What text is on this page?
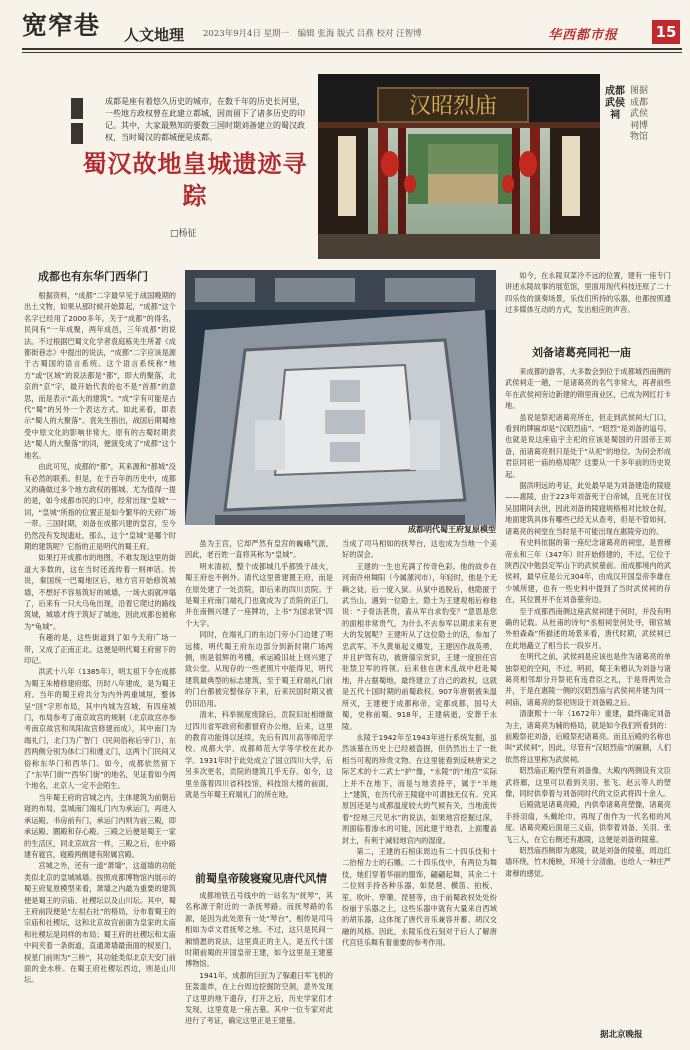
宽窄巷 人文地理 2023年9月4日 星期一　编辑 张海 版式 吕燕 校对 汪智博	华西都市报	15
汉昭烈庙
成都武侯祠
图据成都武侯祠博物馆
成都是座有着悠久历史的城市，在数千年的历史长河里，一些地方政权曾在此建立都城，因而留下了诸多历史的印记。其中，大家最熟知的要数三国时期刘备建立的蜀汉政权，当时蜀汉的都城便是成都。
蜀汉故地皇城遗迹寻踪
□杨征
成都也有东华门西华门

根据资料，“成都”二字最早见于战国晚期的出土文物，如果从那时候开始算起，“成都”这个名字已经用了2000多年。关于“成都”的得名，民间有“一年成聚，两年成邑，三年成都”的说法。不过根据巴蜀文化学者袁庭栋先生所著《成都街巷志》中提出的说法，“成都”二字应该是源于古蜀国的语言系统。这个语言系统称“地方”或“区域”的说法都是“都”，即大的聚落，北京的“京”字，最开始代表的也不是“首都”的意思，而是表示“高大的建筑”。“成”字有可能是古代“蜀”的另外一个表达方式。如此来看，即表示“蜀人的大聚落”。袁先生指出，战国后期蜀地受中原文化的影响非常大，原有的古蜀时期表达“蜀人的大聚落”的词，便演变成了“成都”这个地名。

由此可见，成都的“都”，其来源和“都城”没有必然的联系。但是，在千百年的历史中，成都又的确做过多个地方政权的都城。尤为值得一提的是，如今成都市民的口中，经常出现“皇城”一词，“皇城”所指的位置正是如今繁华的天府广场一带。三国时期，刘备在成都兴建的皇宫，至今仍然没有发现遗址。那么，这个“皇城”是哪个时期的建筑呢？它指的正是明代的蜀王府。

如果打开成都市的地图，不难发现这里的街道大多数的，这在当时还流传着一则神话。传说，秦国统一巴蜀地区后，地方官开始修筑城墙，不想好不容易筑好的城墙，一场大雨就冲塌了，后来有一只大乌龟出现，沿着它爬过的路线筑城，城墙才终于筑好了城池，因此成都也被称为“龟城”。

有趣的是，这些街道到了如今天府广场一带，又成了正南正北。这便是明代蜀王府留下的印记。

洪武十八年（1385年），明太祖下令在成都为蜀王朱椿修建府邸，历时八年建成，是为蜀王府。当年的蜀王府共分为内外两重城垣，整体呈“回”字形布局，其中内城为宫城，有四座城门，布局参考了南京故宫的规制（北京故宫亦参考南京故宫和凤阳故宫修建而成），其中南门为端礼门，北门为广智门（民间俗称后宰门），东西两侧分别为体仁门和遵义门，这两个门民间又俗称东华门和西华门。如今，成都依然留下了“东华门街”“西华门街”的地名，见证着如今两个地名，北京人一定不会陌生。

当年蜀王府的宫城之内，主体建筑为前朝后寝的布局，皇城南门端礼门内为承运门，再进入承运殿、书房前有门，承运门内则为前三殿，即承运殿、圜殿和存心殿。三殿之后便是蜀王一家的生活区，同北京故宫一样，三殿之后，在中路建有寝宫，寝殿两侧建有附属宫殿。

宫城之外，还有一道“萧墙”，这道墙的功能类似北京的皇城城墙。按照成都博物馆内展示的蜀王府复原模型来看，萧墙之内最为重要的建筑便是蜀王的宗庙、社稷坛以及山川坛。其中，蜀王府前段便是“左祖右社”的格局，分布着蜀王的宗庙和社稷坛，这和北京故宫前面为皇家的太庙和社稷坛是同样的布局；蜀王府的社稷坛和太庙中间夹着一条街道，直通萧墙最南面的棂星门，棂星门前则为“三桥”，其功能类似北京天安门前面的金水桥。在蜀王府社稷坛西边，则是山川坛。

成都明代蜀王府复原模型

虽为王宫，它却严然有皇宫的巍峨气派，因此，老百姓一直将其称为“皇城”。

明末清初，整个成都城几乎都毁于战火，蜀王府也不例外。清代这里曾建置王府，而是在原处建了一处贡院，即后来的四川贡院。于是蜀王府南门端礼门也就成为了贡院的正门，并在南侧兴建了一座牌坊，上书“为国求贤”四个大字。

同时，在端礼门的东边门旁小门边建了明远楼，明代蜀王府东边部分到新时期广场两侧，则是很辉的考棚，承运殿旧址上则兴建了致公堂。从现存的一些老照片中能得见，明代建筑最典型的标志建筑，至于蜀王府端礼门前的门台都被完整保存下来，后来民国时期又被仍旧沿用。

清末，科举制度废除后，贡院旧址相继做过四川省军政府和都督府办公地，后来，这里的教育功能得以延续，先后有四川高等师范学校、成都大学、成都师范大学等学校在此办学。1931年时于此处成立了国立四川大学，后另多次更名，贡院的建筑几乎无存。如今，这里坐落着四川省科技馆，科技馆大楼的前面，就是当年蜀王府端礼门的所在地。

前蜀皇帝陵寝窥见唐代风情

成都地铁五号线中的一站名为“抚琴”，其名称源于附近的一条抚琴路。而抚琴路的名源，是因为此处原有一处“琴台”，相传是司马相如为卓文君抚琴之地。不过，这只是民间一厢情愿的说法，这里真正的主人，是五代十国时期前蜀的开国皇帝王建，如今这里是王建墓博物馆。

1941年，成都的巨匠为了躲避日军飞机的狂轰滥炸，在上台周边挖掘防空洞，意外发现了这里的地下遗存，打开之后，历史学家们才发现，这里竟是一座古墓。其中一位专家对此进行了考证，确定这里正是王建墓。

当成了司马相如的抚琴台，这也成为当地一个美好的误会。

王建的一生也充满了传奇色彩。他的故乡在河南许州舞阳（今属漯河市），年轻时，他是个无赖之徒，后一度入狱。从狱中逃脱后，他隐匿于武当山，遇到一位隐士，隐士为王建观相后称他说：“子骨法甚贵，盍从军自求豹变？”意思是您的面相非常贵气，为什么不去参军以期求来有更大的发展呢？王建听从了这位隐士的话，参加了忠武军。不久黄巢起义爆发，王建因作战英勇，并且护驾有功，被唐僖宗赏识，王建一度担任官驻禁卫军的将领。后来他在唐末乱战中赶赴蜀地，并占据蜀地，最终建立了自己的政权，这就是五代十国时期的前蜀政权。907年唐朝被朱温所灭，王建便于成都称帝，定都成都，国号大蜀，史称前蜀。918年，王建病逝，安葬于永陵。

永陵于1942年至1943年进行系统发掘，虽然该墓在历史上已经被盗掘，但仍然出土了一批相当可观的珍贵文物。在这里能看到反映唐宋之际艺术的十二武士“护”像，“永陵”的“地宫”实际上并不在地下，而是与地表持平，属于“半地上”建筑，在历代帝王陵寝中可谓独无仅有。究其原因还是与成都温度较大的气候有关，当地流传着“挖地三尺见水”的说法，如果地宫挖掘过深，则面临着渗水的可能，因此建于地表，上面覆盖封土，有利于减轻地宫内的湿度。

第二，王建的石棺床周边有二十四乐伎和十二抬棺力士的石雕。二十四乐伎中，有两位为舞伎，她们穿着华丽的服饰，翩翩起舞，其余二十二位则手持各种乐器，如琵琶、横笛、拍板、笙、吹叶、筚篥、琵琶等，由于前蜀政权处处纷纷崩于乐器之上，这些乐器中就有大量来自西域的胡乐器，这体现了唐代音乐兼容并蓄、胡汉交融的风格。因此，永陵乐伎石刻对于后人了解唐代宫廷乐舞有着重要的参考作用。

如今，在永陵双菜冷不远的位置，建有一座专门讲述永陵故事的展览馆，里面用现代科技还原了二十四乐伎的演奏场景，乐伎们所持的乐器，也都按照通过多媒体互动的方式，发出相应的声音。

刘备诸葛亮同祀一庙

来成都的游客，大多数会到位于成都城西南侧的武侯祠走一趟，一是诸葛亮的名气非常大，再者前些年在武侯祠旁边新建的锦里商业区，已成为网红打卡地。

虽说是祭祀诸葛亮所在，但走到武侯祠大门口，看到的牌匾却是“汉昭烈庙”。“昭烈”是刘备的谥号，也就是说这座庙宇主祀的应该是蜀国的开国帝王刘备，而诸葛亮则只是处于“从祀”的地位。为何会形成君臣同祀一庙的格局呢？这要从一千多年前的历史说起。

据洪明远的考证，此处最早是为刘备建造的陵寝——惠陵，由于223年刘备死于白帝城，且死在讨伐吴国期间去世，因此刘备的陵寝规格相对比较仓促，地面建筑具体有哪些已经无从查考，但是不管如何，诸葛亮的祠堂在当时是不可能出现在惠陵旁边的。

有史料依据的第一座纪念诸葛亮的祠堂，是晋穆帝永和三年（347年）时开始修建的，不过，它位于陕西汉中勉县定军山下的武侯墓前。而成都境内的武侯祠，最早应是公元304年，由成汉开国皇帝李雄在少城所建，也有一些史料中提到了当时武侯祠的存在，其位置并不在刘备墓旁边。

至于成都西南侧这座武侯祠建于何时，并没有明确的记载。从杜甫的诗句“丞相祠堂何处寻，锦官城外柏森森”所描述的场景来看，唐代时期，武侯祠已在此地矗立了相当长一段岁月。

在明代之前，武侯祠是应该也是作为诸葛亮的单独祭祀的空间，不过，明初，蜀王朱椿认为刘备与诸葛亮相邻却分开祭祀有违君臣之礼，于是将两处合并，于是在惠陵一侧的汉昭烈庙与武侯祠并建为同一祠庙，诸葛亮的祭祀则设于刘备殿之后。

清康熙十一年（1672年）重建，最终确定刘备为主，诸葛亮为辅的格局，就是如今我们所看到的：前殿祭祀刘备，后殿祭祀诸葛亮。而且后殿的名称也叫“武侯祠”，因此，尽管有“汉昭烈庙”的匾额，人们依然将这里称为武侯祠。

昭烈庙正殿内塑有刘备像，大殿内两侧设有文臣武将廊，这里可以看到关羽、张飞、赵云等人的塑像，同时供奉着与刘备同时代的文臣武将四十余人。

后殿就是诸葛亮殿，内供奉诸葛亮塑像，诸葛亮手持羽扇，头戴纶巾，再现了他作为一代名相的风度。诸葛亮殿后面是三义庙，供奉着刘备、关羽、张飞三人，在它右侧还有惠陵，这便是刘备的陵墓。

昭烈庙西侧即为惠陵，就是刘备的陵墓，周边红墙环绕，竹木掩映，环境十分清幽，也给人一种庄严肃穆的感觉。

据北京晚报
